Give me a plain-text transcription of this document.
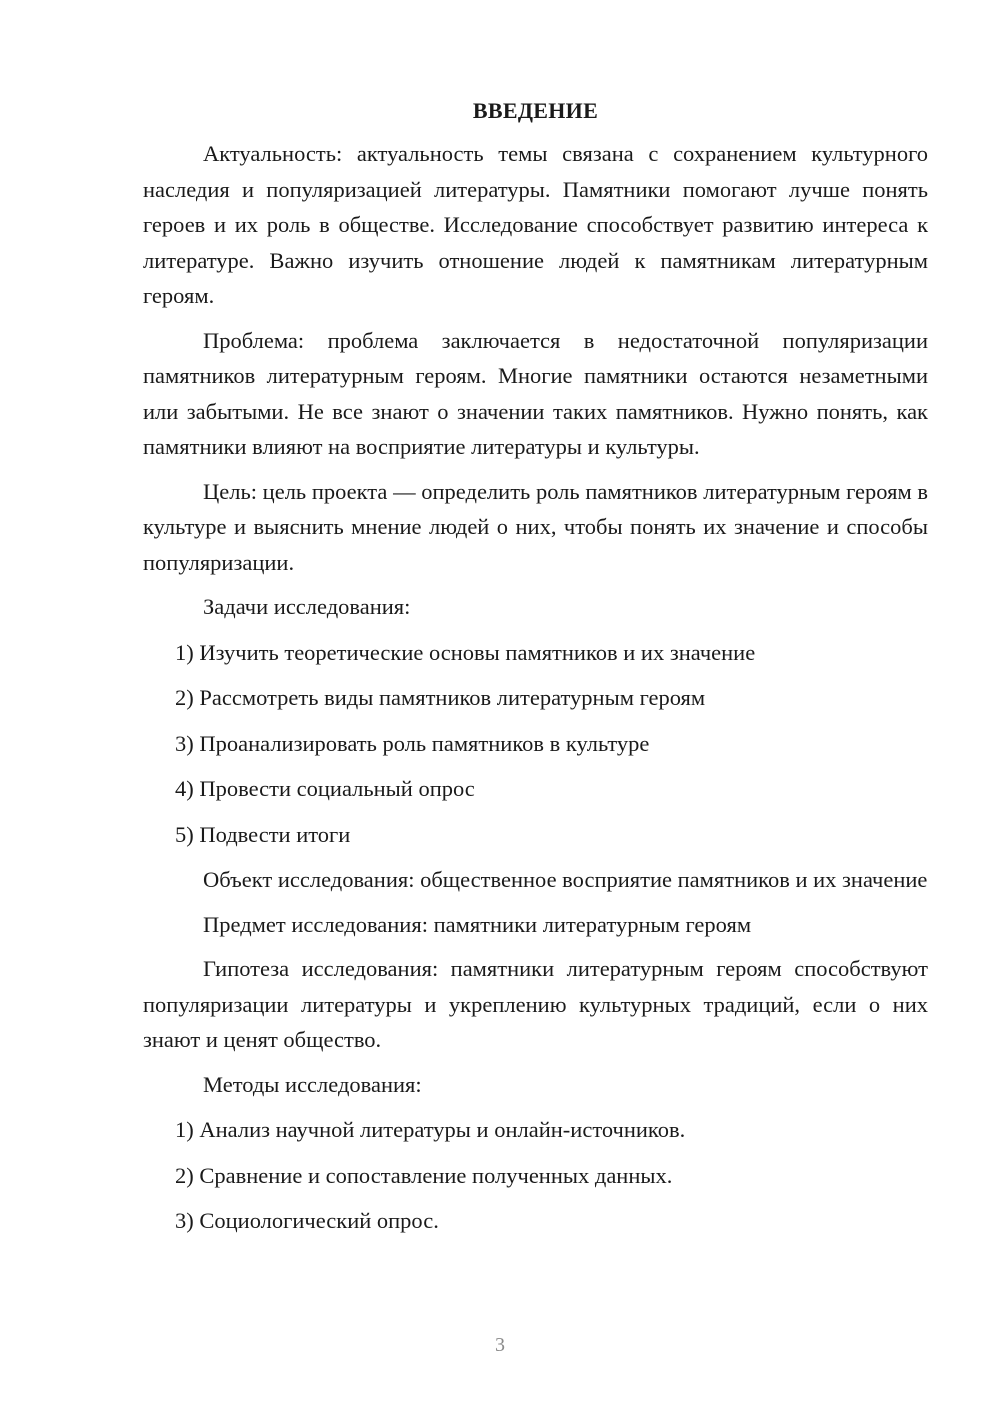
ВВЕДЕНИЕ

Актуальность: актуальность темы связана с сохранением культурного наследия и популяризацией литературы. Памятники помогают лучше понять героев и их роль в обществе. Исследование способствует развитию интереса к литературе. Важно изучить отношение людей к памятникам литературным героям.

Проблема: проблема заключается в недостаточной популяризации памятников литературным героям. Многие памятники остаются незаметными или забытыми. Не все знают о значении таких памятников. Нужно понять, как памятники влияют на восприятие литературы и культуры.

Цель: цель проекта — определить роль памятников литературным героям в культуре и выяснить мнение людей о них, чтобы понять их значение и способы популяризации.

Задачи исследования:
1) Изучить теоретические основы памятников и их значение
2) Рассмотреть виды памятников литературным героям
3) Проанализировать роль памятников в культуре
4) Провести социальный опрос
5) Подвести итоги

Объект исследования: общественное восприятие памятников и их значение

Предмет исследования: памятники литературным героям

Гипотеза исследования: памятники литературным героям способствуют популяризации литературы и укреплению культурных традиций, если о них знают и ценят общество.

Методы исследования:
1) Анализ научной литературы и онлайн-источников.
2) Сравнение и сопоставление полученных данных.
3) Социологический опрос.
3
